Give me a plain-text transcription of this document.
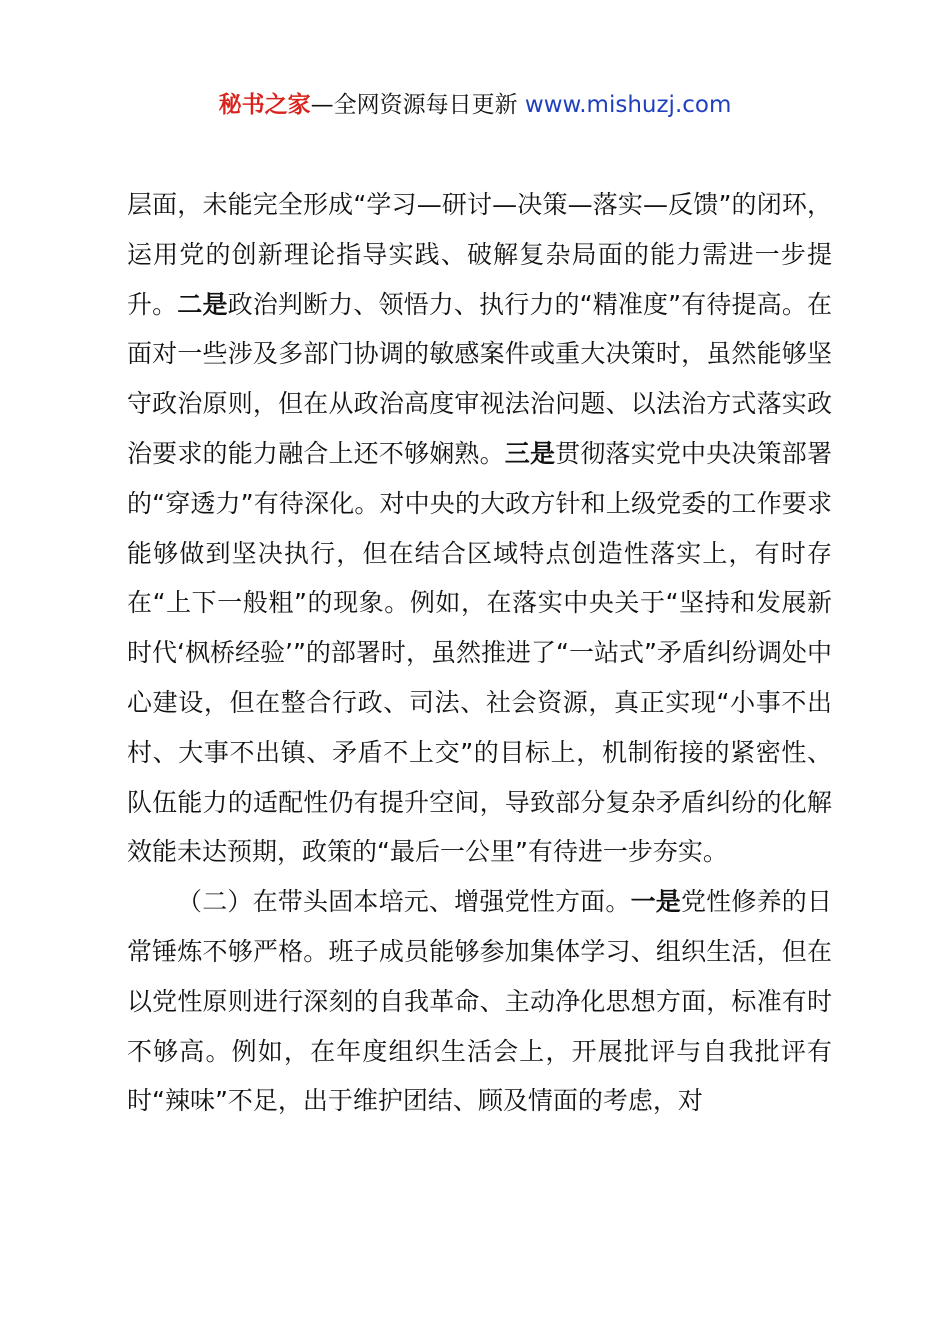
秘书之家—全网资源每日更新 www.mishuzj.com

层面，未能完全形成“学习—研讨—决策—落实—反馈”的闭环，运用党的创新理论指导实践、破解复杂局面的能力需进一步提升。二是政治判断力、领悟力、执行力的“精准度”有待提高。在面对一些涉及多部门协调的敏感案件或重大决策时，虽然能够坚守政治原则，但在从政治高度审视法治问题、以法治方式落实政治要求的能力融合上还不够娴熟。三是贯彻落实党中央决策部署的“穿透力”有待深化。对中央的大政方针和上级党委的工作要求能够做到坚决执行，但在结合区域特点创造性落实上，有时存在“上下一般粗”的现象。例如，在落实中央关于“坚持和发展新时代‘枫桥经验’”的部署时，虽然推进了“一站式”矛盾纠纷调处中心建设，但在整合行政、司法、社会资源，真正实现“小事不出村、大事不出镇、矛盾不上交”的目标上，机制衔接的紧密性、队伍能力的适配性仍有提升空间，导致部分复杂矛盾纠纷的化解效能未达预期，政策的“最后一公里”有待进一步夯实。

（二）在带头固本培元、增强党性方面。一是党性修养的日常锤炼不够严格。班子成员能够参加集体学习、组织生活，但在以党性原则进行深刻的自我革命、主动净化思想方面，标准有时不够高。例如，在年度组织生活会上，开展批评与自我批评有时“辣味”不足，出于维护团结、顾及情面的考虑，对
